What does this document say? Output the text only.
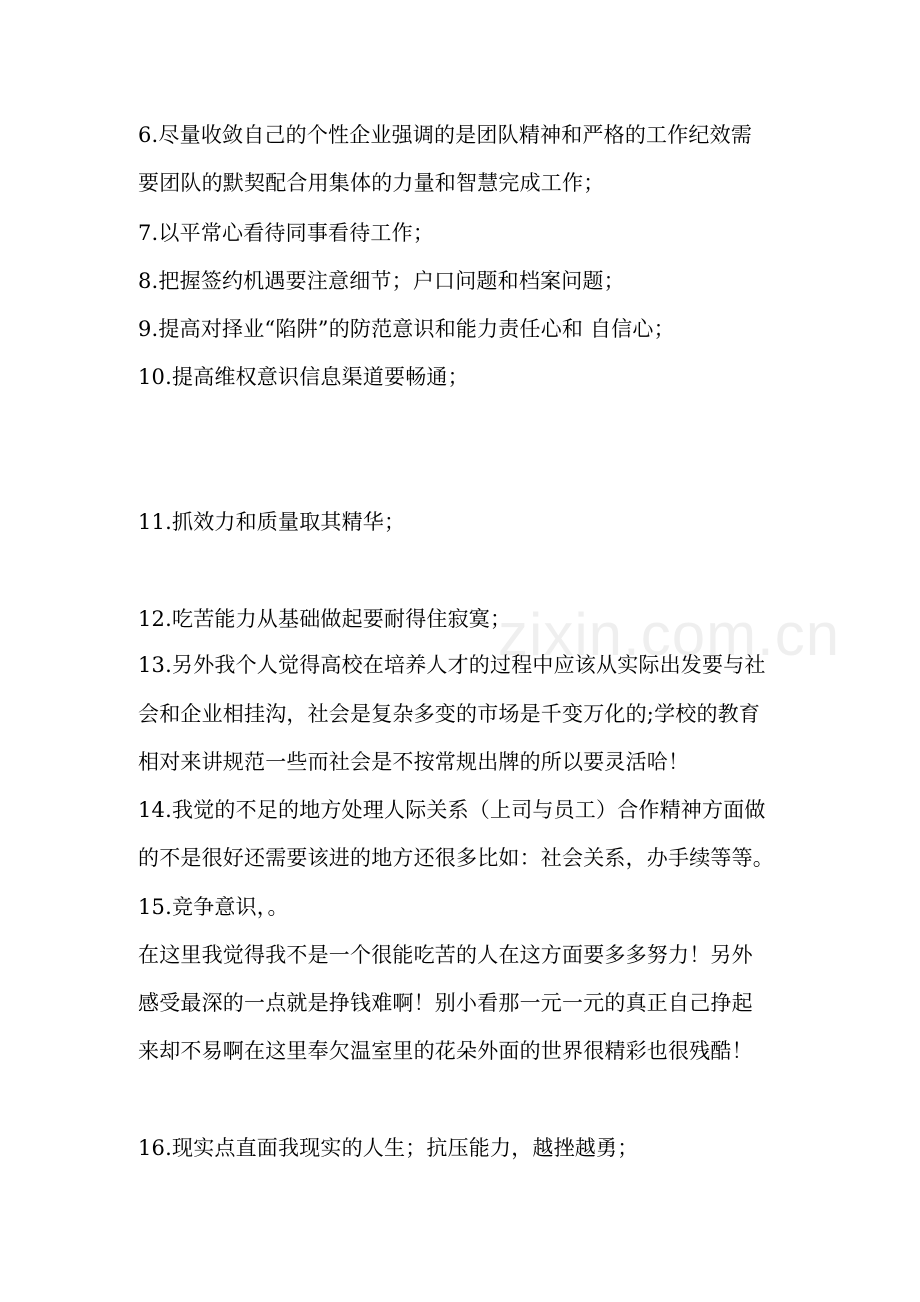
6.尽量收敛自己的个性企业强调的是团队精神和严格的工作纪效需
要团队的默契配合用集体的力量和智慧完成工作；
7.以平常心看待同事看待工作；
8.把握签约机遇要注意细节；户口问题和档案问题；
9.提高对择业“陷阱”的防范意识和能力责任心和 自信心；
10.提高维权意识信息渠道要畅通；
11.抓效力和质量取其精华；
12.吃苦能力从基础做起要耐得住寂寞；
13.另外我个人觉得高校在培养人才的过程中应该从实际出发要与社
会和企业相挂沟，社会是复杂多变的市场是千变万化的;学校的教育
相对来讲规范一些而社会是不按常规出牌的所以要灵活哈！
14.我觉的不足的地方处理人际关系（上司与员工）合作精神方面做
的不是很好还需要该进的地方还很多比如：社会关系，办手续等等。
15.竞争意识，。
在这里我觉得我不是一个很能吃苦的人在这方面要多多努力！另外
感受最深的一点就是挣钱难啊！别小看那一元一元的真正自己挣起
来却不易啊在这里奉欠温室里的花朵外面的世界很精彩也很残酷！
16.现实点直面我现实的人生；抗压能力，越挫越勇；
zixin.com.cn
